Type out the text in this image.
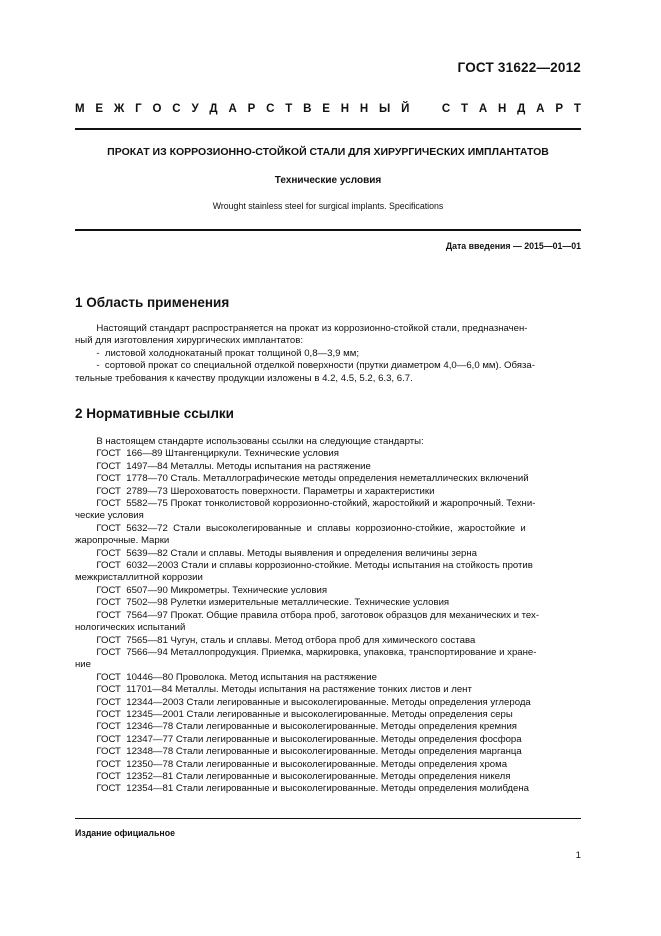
ГОСТ 31622—2012
М Е Ж Г О С У Д А Р С Т В Е Н Н Ы Й	С Т А Н Д А Р Т
ПРОКАТ ИЗ КОРРОЗИОННО-СТОЙКОЙ СТАЛИ ДЛЯ ХИРУРГИЧЕСКИХ ИМПЛАНТАТОВ
Технические условия
Wrought stainless steel for surgical implants. Specifications
Дата введения — 2015—01—01
1 Область применения
Настоящий стандарт распространяется на прокат из коррозионно-стойкой стали, предназначен-
ный для изготовления хирургических имплантатов:
-  листовой холоднокатаный прокат толщиной 0,8—3,9 мм;
-  сортовой прокат со специальной отделкой поверхности (прутки диаметром 4,0—6,0 мм). Обяза-
тельные требования к качеству продукции изложены в 4.2, 4.5, 5.2, 6.3, 6.7.
2 Нормативные ссылки
В настоящем стандарте использованы ссылки на следующие стандарты:
ГОСТ  166—89 Штангенциркули. Технические условия
ГОСТ  1497—84 Металлы. Методы испытания на растяжение
ГОСТ  1778—70 Сталь. Металлографические методы определения неметаллических включений
ГОСТ  2789—73 Шероховатость поверхности. Параметры и характеристики
ГОСТ  5582—75 Прокат тонколистовой коррозионно-стойкий, жаростойкий и жаропрочный. Техни-
ческие условия
ГОСТ  5632—72  Стали  высоколегированные  и  сплавы  коррозионно-стойкие,  жаростойкие  и
жаропрочные. Марки
ГОСТ  5639—82 Стали и сплавы. Методы выявления и определения величины зерна
ГОСТ  6032—2003 Стали и сплавы коррозионно-стойкие. Методы испытания на стойкость против
межкристаллитной коррозии
ГОСТ  6507—90 Микрометры. Технические условия
ГОСТ  7502—98 Рулетки измерительные металлические. Технические условия
ГОСТ  7564—97 Прокат. Общие правила отбора проб, заготовок образцов для механических и тех-
нологических испытаний
ГОСТ  7565—81 Чугун, сталь и сплавы. Метод отбора проб для химического состава
ГОСТ  7566—94 Металлопродукция. Приемка, маркировка, упаковка, транспортирование и хране-
ние
ГОСТ  10446—80 Проволока. Метод испытания на растяжение
ГОСТ  11701—84 Металлы. Методы испытания на растяжение тонких листов и лент
ГОСТ  12344—2003 Стали легированные и высоколегированные. Методы определения углерода
ГОСТ  12345—2001 Стали легированные и высоколегированные. Методы определения серы
ГОСТ  12346—78 Стали легированные и высоколегированные. Методы определения кремния
ГОСТ  12347—77 Стали легированные и высоколегированные. Методы определения фосфора
ГОСТ  12348—78 Стали легированные и высоколегированные. Методы определения марганца
ГОСТ  12350—78 Стали легированные и высоколегированные. Методы определения хрома
ГОСТ  12352—81 Стали легированные и высоколегированные. Методы определения никеля
ГОСТ  12354—81 Стали легированные и высоколегированные. Методы определения молибдена
Издание официальное
1
